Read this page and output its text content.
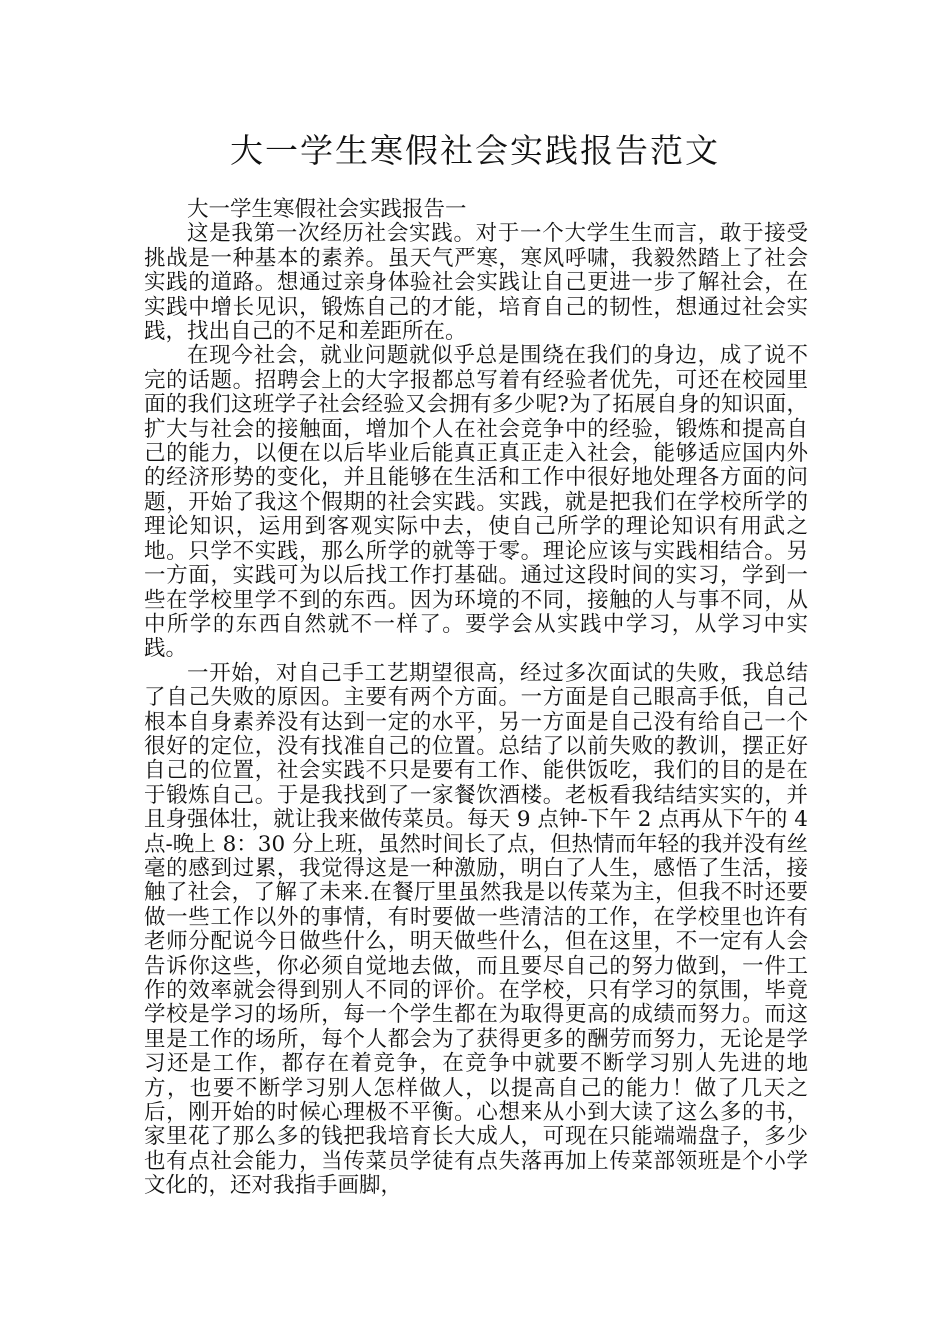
大一学生寒假社会实践报告范文

大一学生寒假社会实践报告一

这是我第一次经历社会实践。对于一个大学生生而言，敢于接受挑战是一种基本的素养。虽天气严寒，寒风呼啸，我毅然踏上了社会实践的道路。想通过亲身体验社会实践让自己更进一步了解社会，在实践中增长见识，锻炼自己的才能，培育自己的韧性，想通过社会实践，找出自己的不足和差距所在。

在现今社会，就业问题就似乎总是围绕在我们的身边，成了说不完的话题。招聘会上的大字报都总写着有经验者优先，可还在校园里面的我们这班学子社会经验又会拥有多少呢?为了拓展自身的知识面，扩大与社会的接触面，增加个人在社会竞争中的经验，锻炼和提高自己的能力，以便在以后毕业后能真正真正走入社会，能够适应国内外的经济形势的变化，并且能够在生活和工作中很好地处理各方面的问题，开始了我这个假期的社会实践。实践，就是把我们在学校所学的理论知识，运用到客观实际中去，使自己所学的理论知识有用武之地。只学不实践，那么所学的就等于零。理论应该与实践相结合。另一方面，实践可为以后找工作打基础。通过这段时间的实习，学到一些在学校里学不到的东西。因为环境的不同，接触的人与事不同，从中所学的东西自然就不一样了。要学会从实践中学习，从学习中实践。

一开始，对自己手工艺期望很高，经过多次面试的失败，我总结了自己失败的原因。主要有两个方面。一方面是自己眼高手低，自己根本自身素养没有达到一定的水平，另一方面是自己没有给自己一个很好的定位，没有找准自己的位置。总结了以前失败的教训，摆正好自己的位置，社会实践不只是要有工作、能供饭吃，我们的目的是在于锻炼自己。于是我找到了一家餐饮酒楼。老板看我结结实实的，并且身强体壮，就让我来做传菜员。每天 9 点钟-下午 2 点再从下午的 4 点-晚上 8：30 分上班，虽然时间长了点，但热情而年轻的我并没有丝毫的感到过累，我觉得这是一种激励，明白了人生，感悟了生活，接触了社会，了解了未来.在餐厅里虽然我是以传菜为主，但我不时还要做一些工作以外的事情，有时要做一些清洁的工作，在学校里也许有老师分配说今日做些什么，明天做些什么，但在这里，不一定有人会告诉你这些，你必须自觉地去做，而且要尽自己的努力做到，一件工作的效率就会得到别人不同的评价。在学校，只有学习的氛围，毕竟学校是学习的场所，每一个学生都在为取得更高的成绩而努力。而这里是工作的场所，每个人都会为了获得更多的酬劳而努力，无论是学习还是工作，都存在着竞争，在竞争中就要不断学习别人先进的地方，也要不断学习别人怎样做人，以提高自己的能力！做了几天之后，刚开始的时候心理极不平衡。心想来从小到大读了这么多的书，家里花了那么多的钱把我培育长大成人，可现在只能端端盘子，多少也有点社会能力，当传菜员学徒有点失落再加上传菜部领班是个小学文化的，还对我指手画脚，
